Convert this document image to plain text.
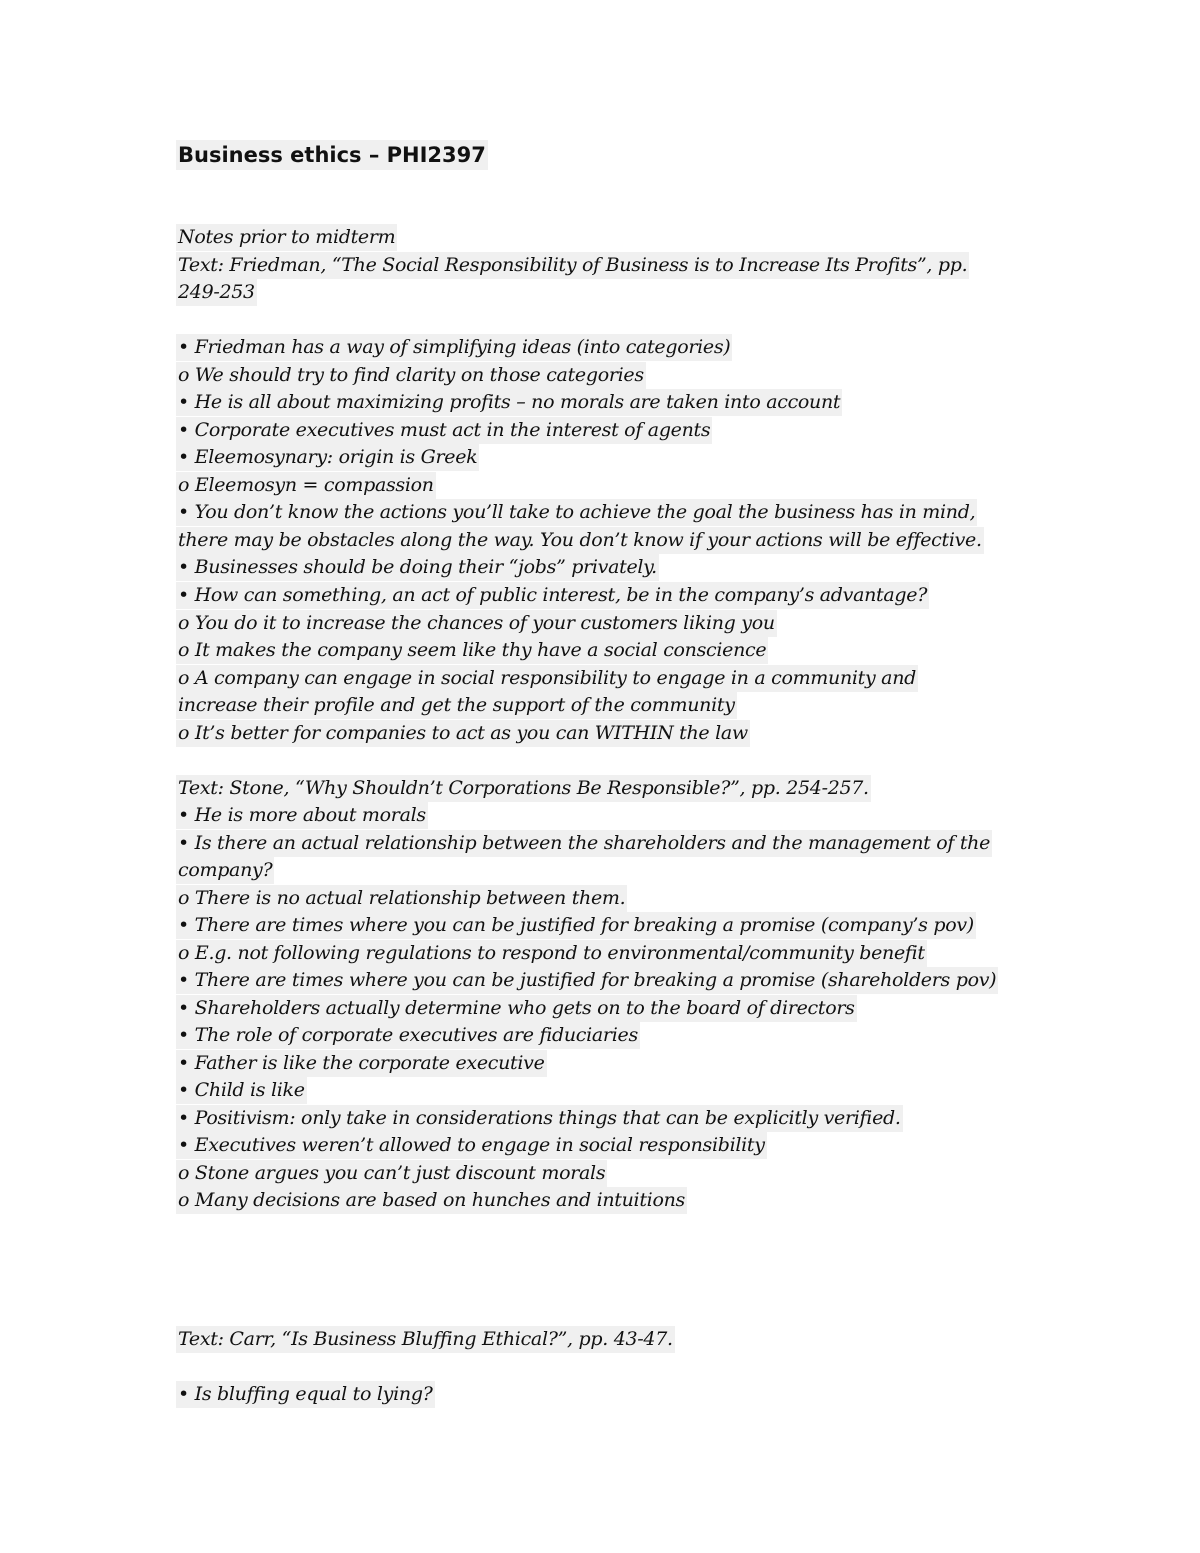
Business ethics – PHI2397

Notes prior to midterm

Text: Friedman, “The Social Responsibility of Business is to Increase Its Profits”, pp.

249-253

• Friedman has a way of simplifying ideas (into categories)

o We should try to find clarity on those categories

• He is all about maximizing profits – no morals are taken into account

• Corporate executives must act in the interest of agents

• Eleemosynary: origin is Greek

o Eleemosyn = compassion

• You don’t know the actions you’ll take to achieve the goal the business has in mind,

there may be obstacles along the way. You don’t know if your actions will be effective.

• Businesses should be doing their “jobs” privately.

• How can something, an act of public interest, be in the company’s advantage?

o You do it to increase the chances of your customers liking you

o It makes the company seem like thy have a social conscience

o A company can engage in social responsibility to engage in a community and

increase their profile and get the support of the community

o It’s better for companies to act as you can WITHIN the law

Text: Stone, “Why Shouldn’t Corporations Be Responsible?”, pp. 254-257.

• He is more about morals

• Is there an actual relationship between the shareholders and the management of the

company?

o There is no actual relationship between them.

• There are times where you can be justified for breaking a promise (company’s pov)

o E.g. not following regulations to respond to environmental/community benefit

• There are times where you can be justified for breaking a promise (shareholders pov)

• Shareholders actually determine who gets on to the board of directors

• The role of corporate executives are fiduciaries

• Father is like the corporate executive

• Child is like

• Positivism: only take in considerations things that can be explicitly verified.

• Executives weren’t allowed to engage in social responsibility

o Stone argues you can’t just discount morals

o Many decisions are based on hunches and intuitions

Text: Carr, “Is Business Bluffing Ethical?”, pp. 43-47.

• Is bluffing equal to lying?
